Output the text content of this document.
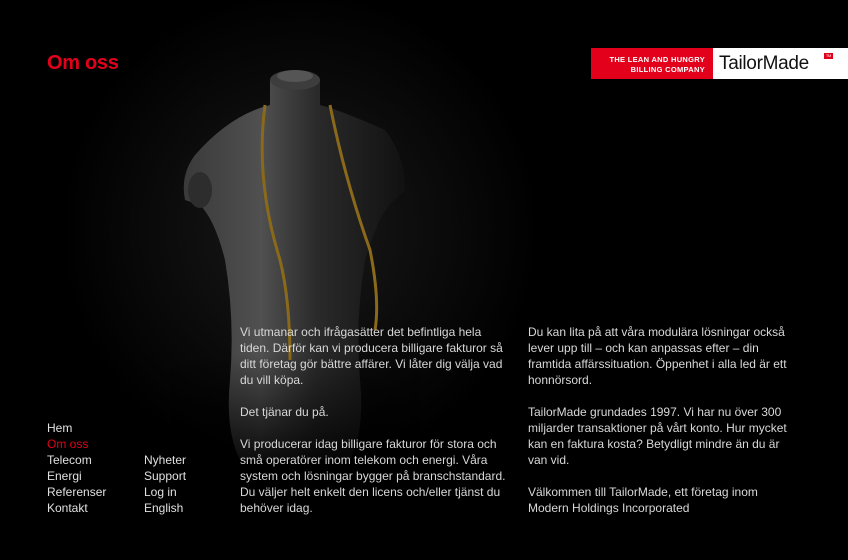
Om oss	THE LEAN AND HUNGRY
BILLING COMPANY TailorMade	TM
Hem
Om oss
Telecom
Energi
Referenser
Kontakt
Nyheter
Support
Log in
English

Vi utmanar och ifrågasätter det befintliga hela tiden. Därför kan vi producera billigare fakturor så ditt företag gör bättre affärer. Vi låter dig välja vad du vill köpa.

Det tjänar du på.

Vi producerar idag billigare fakturor för stora och små operatörer inom telekom och energi. Våra system och lösningar bygger på branschstandard. Du väljer helt enkelt den licens och/eller tjänst du behöver idag.

Du kan lita på att våra modulära lösningar också lever upp till – och kan anpassas efter – din framtida affärssituation. Öppenhet i alla led är ett honnörsord.

TailorMade grundades 1997. Vi har nu över 300 miljarder transaktioner på vårt konto. Hur mycket kan en faktura kosta? Betydligt mindre än du är van vid.

Välkommen till TailorMade, ett företag inom Modern Holdings Incorporated
